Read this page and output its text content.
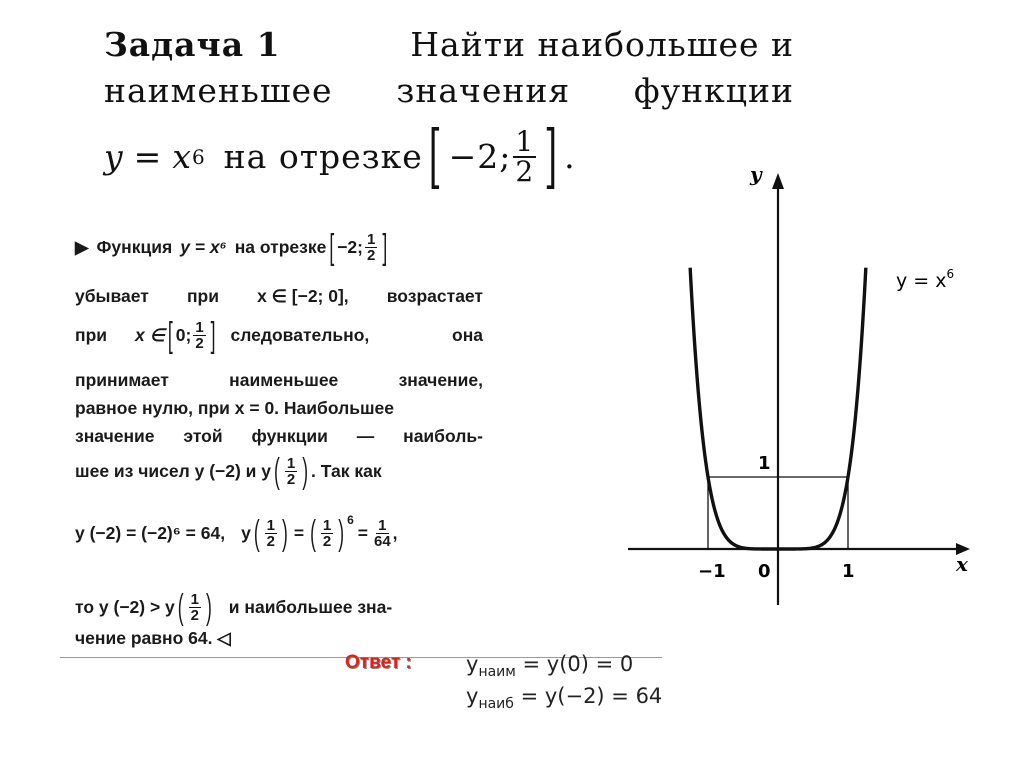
Задача 1	Найти наибольшее и
наименьшее значения функции
y = x 6 на отрезке [ −2; $\frac{1}{2}$ ] .
▶ Функция y = x⁶ на отрезке [ −2; $\frac{1}{2}$ ]
убывает при x ∈ [−2; 0], возрастает
при x ∈ [ 0; $\frac{1}{2}$ ] следовательно,	она
принимает	наименьшее	значение,
равное нулю, при x = 0. Наибольшее
значение этой функции — наиболь-
шее из чисел y (−2) и y ( $\frac{1}{2}$ ) . Так как
y (−2) = (−2)⁶ = 64, y ( $\frac{1}{2}$ ) = ( $\frac{1}{2}$ ) $^6$
= $\frac{1}{64}$ ,
то y (−2) > y ( $\frac{1}{2}$ ) и наибольшее зна-
чение равно 64. ◁
Ответ :	$y_{наим} = y(0) = 0$
$y_{наиб} = y(-2) = 64$
y
x
$y = x^6$
−1 0	1
1
